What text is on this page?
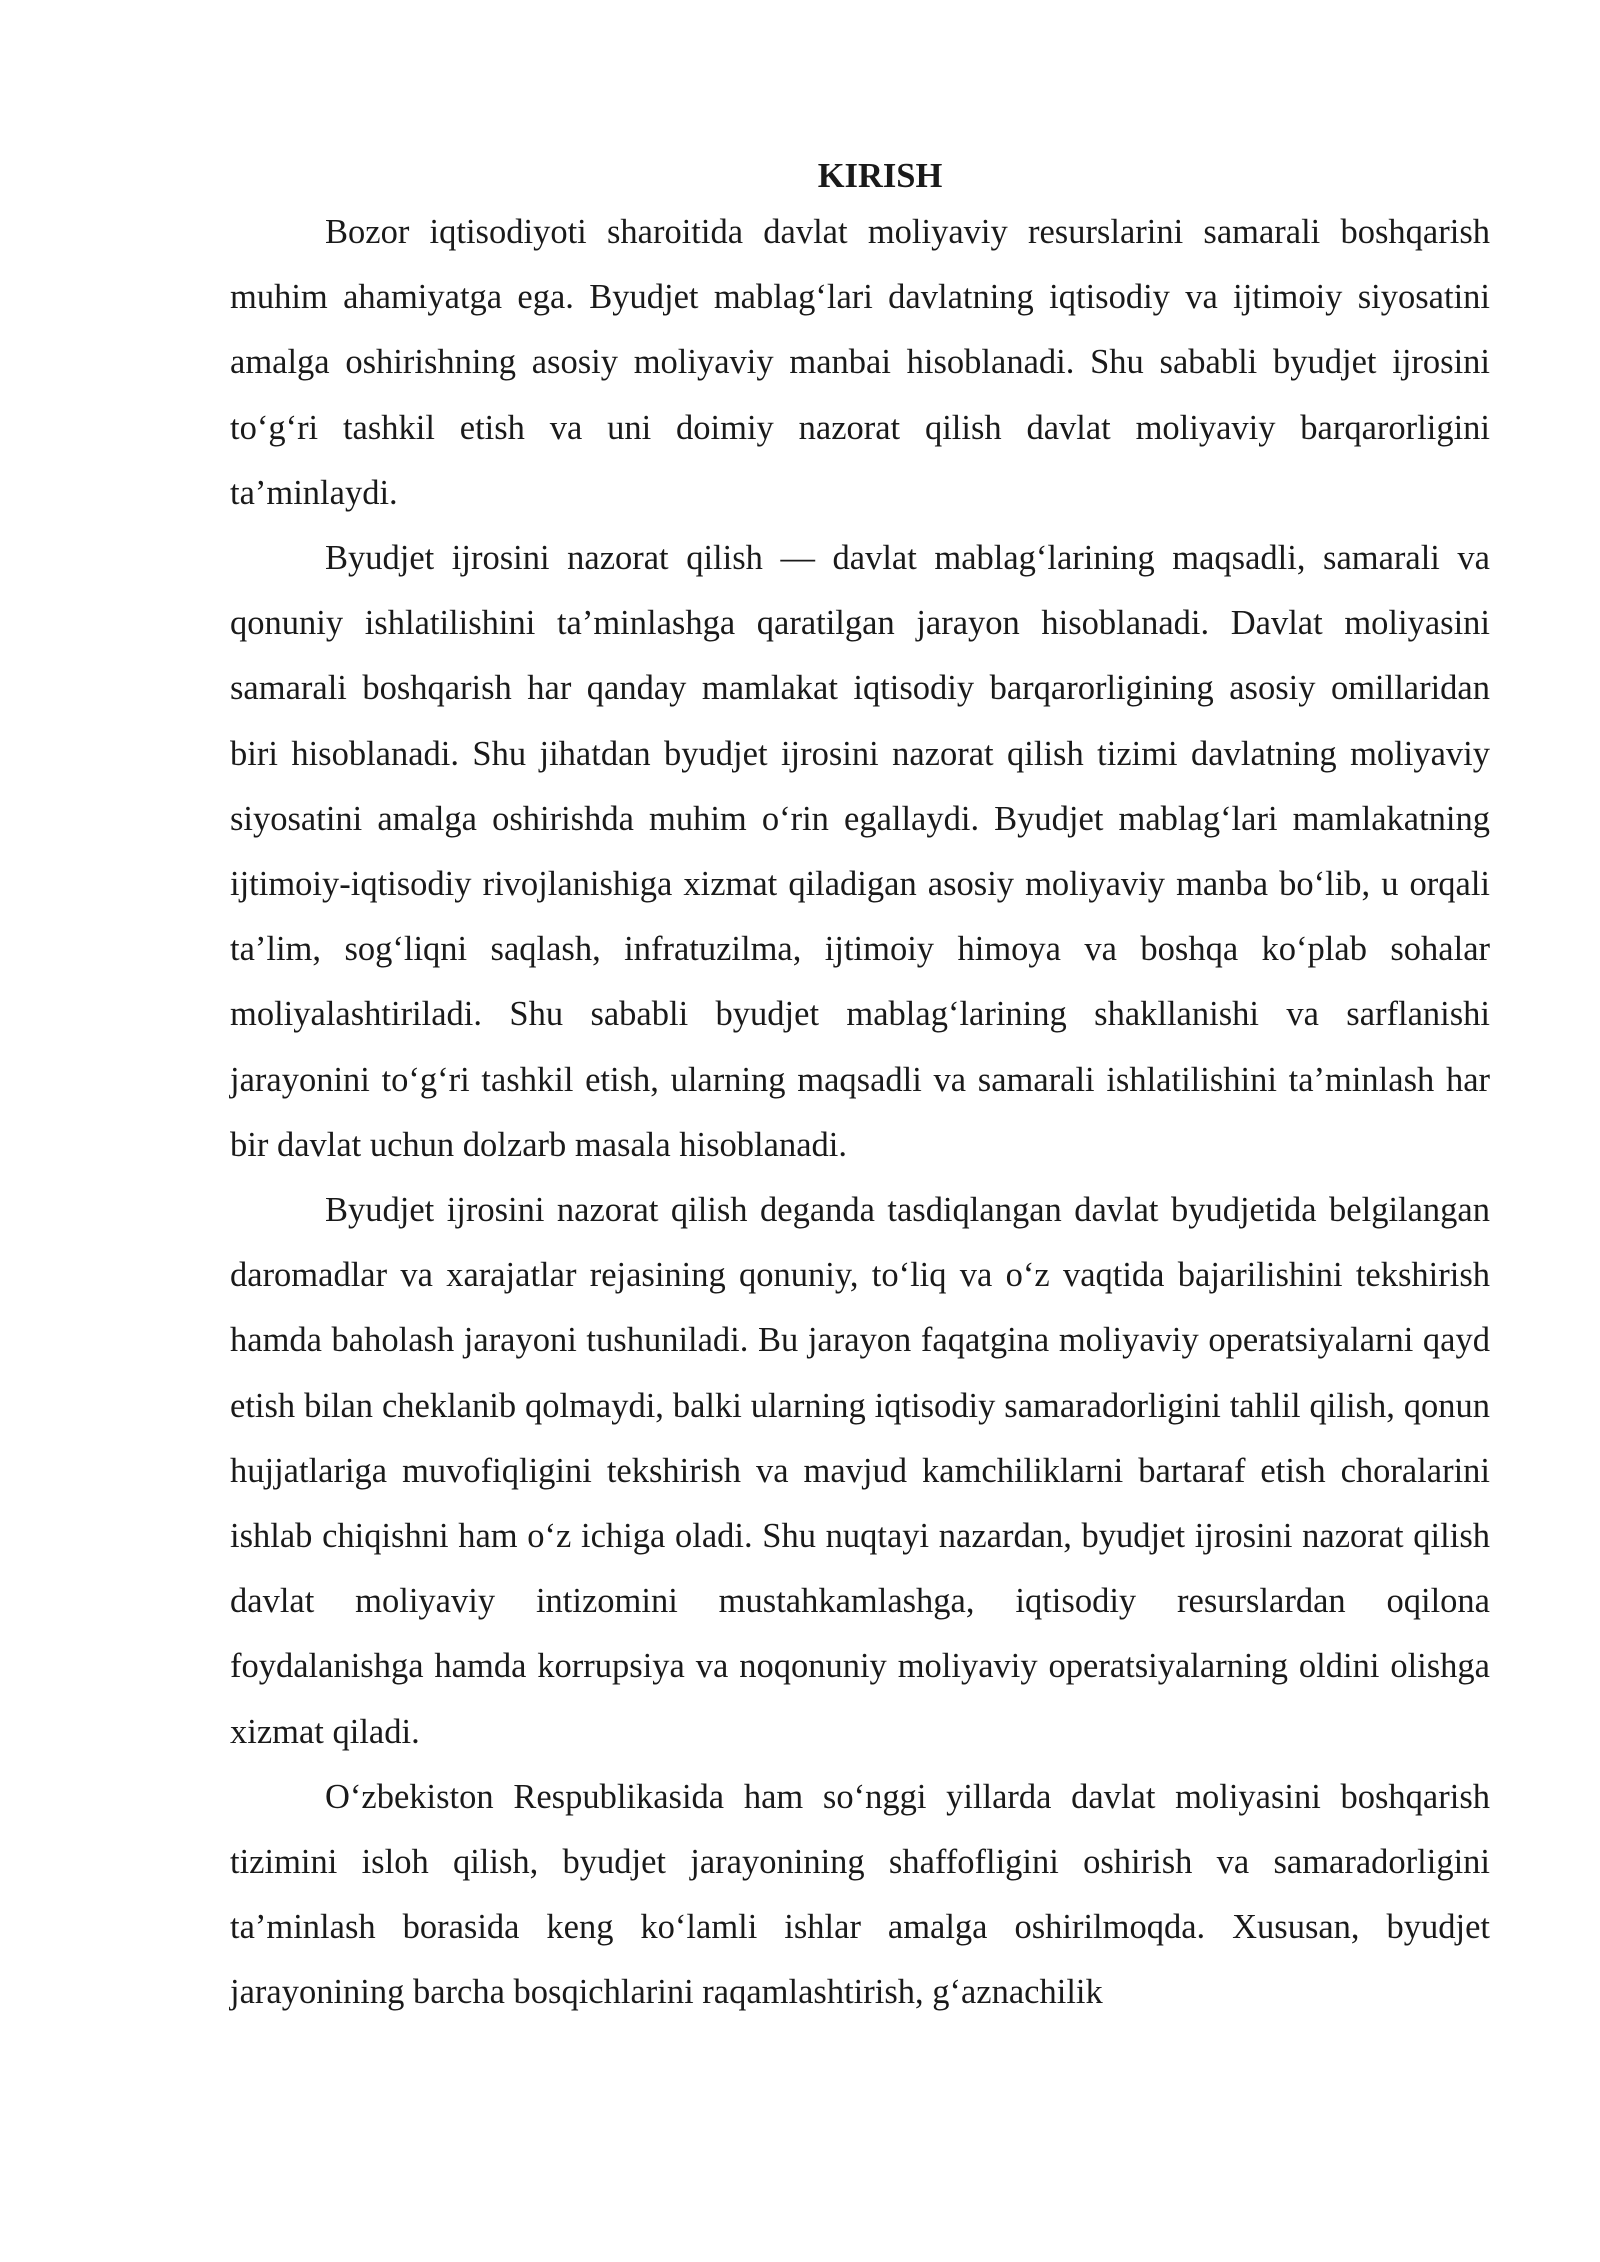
KIRISH

Bozor iqtisodiyoti sharoitida davlat moliyaviy resurslarini samarali boshqarish muhim ahamiyatga ega. Byudjet mablag‘lari davlatning iqtisodiy va ijtimoiy siyosatini amalga oshirishning asosiy moliyaviy manbai hisoblanadi. Shu sababli byudjet ijrosini to‘g‘ri tashkil etish va uni doimiy nazorat qilish davlat moliyaviy barqarorligini ta’minlaydi.

Byudjet ijrosini nazorat qilish — davlat mablag‘larining maqsadli, samarali va qonuniy ishlatilishini ta’minlashga qaratilgan jarayon hisoblanadi. Davlat moliyasini samarali boshqarish har qanday mamlakat iqtisodiy barqarorligining asosiy omillaridan biri hisoblanadi. Shu jihatdan byudjet ijrosini nazorat qilish tizimi davlatning moliyaviy siyosatini amalga oshirishda muhim o‘rin egallaydi. Byudjet mablag‘lari mamlakatning ijtimoiy-iqtisodiy rivojlanishiga xizmat qiladigan asosiy moliyaviy manba bo‘lib, u orqali ta’lim, sog‘liqni saqlash, infratuzilma, ijtimoiy himoya va boshqa ko‘plab sohalar moliyalashtiriladi. Shu sababli byudjet mablag‘larining shakllanishi va sarflanishi jarayonini to‘g‘ri tashkil etish, ularning maqsadli va samarali ishlatilishini ta’minlash har bir davlat uchun dolzarb masala hisoblanadi.

Byudjet ijrosini nazorat qilish deganda tasdiqlangan davlat byudjetida belgilangan daromadlar va xarajatlar rejasining qonuniy, to‘liq va o‘z vaqtida bajarilishini tekshirish hamda baholash jarayoni tushuniladi. Bu jarayon faqatgina moliyaviy operatsiyalarni qayd etish bilan cheklanib qolmaydi, balki ularning iqtisodiy samaradorligini tahlil qilish, qonun hujjatlariga muvofiqligini tekshirish va mavjud kamchiliklarni bartaraf etish choralarini ishlab chiqishni ham o‘z ichiga oladi. Shu nuqtayi nazardan, byudjet ijrosini nazorat qilish davlat moliyaviy intizomini mustahkamlashga, iqtisodiy resurslardan oqilona foydalanishga hamda korrupsiya va noqonuniy moliyaviy operatsiyalarning oldini olishga xizmat qiladi.

O‘zbekiston Respublikasida ham so‘nggi yillarda davlat moliyasini boshqarish tizimini isloh qilish, byudjet jarayonining shaffofligini oshirish va samaradorligini ta’minlash borasida keng ko‘lamli ishlar amalga oshirilmoqda. Xususan, byudjet jarayonining barcha bosqichlarini raqamlashtirish, g‘aznachilik
